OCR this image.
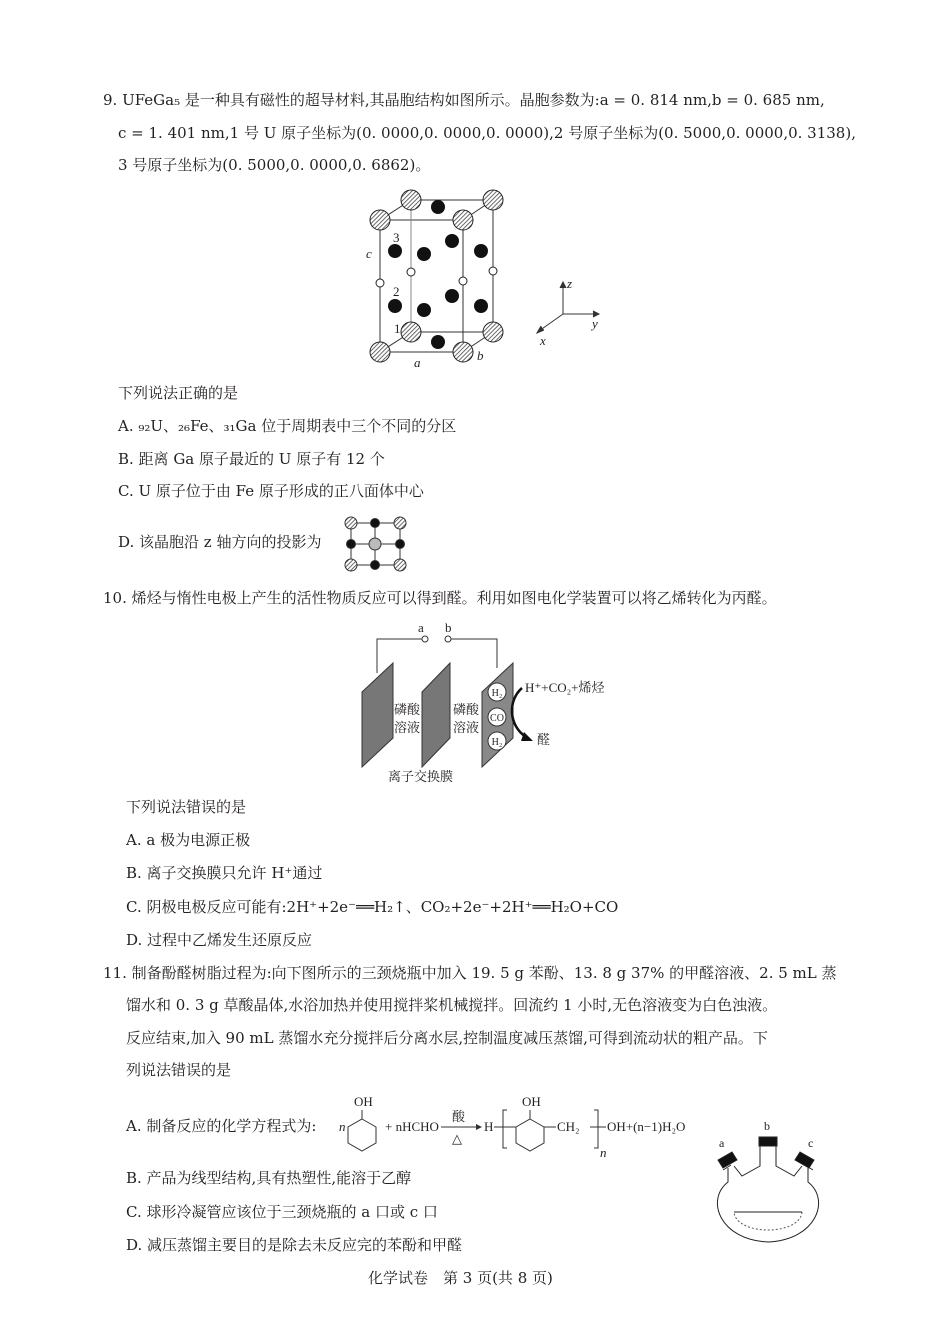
c
a	b
1
2
3
x
y
z
a b
磷酸
溶液
磷酸
溶液
离子交换膜
H⁺+CO₂+烯烃
醛
H₂
CO
H₂
n
OH
+ nHCHO
酸
△
H
OH
CH₂
n
OH+(n−1)H₂O
a
b
c
9. UFeGa₅ 是一种具有磁性的超导材料,其晶胞结构如图所示。晶胞参数为:a = 0. 814 nm,b = 0. 685 nm,
c = 1. 401 nm,1 号 U 原子坐标为(0. 0000,0. 0000,0. 0000),2 号原子坐标为(0. 5000,0. 0000,0. 3138),
3 号原子坐标为(0. 5000,0. 0000,0. 6862)。
下列说法正确的是
A. ₉₂U、₂₆Fe、₃₁Ga 位于周期表中三个不同的分区
B. 距离 Ga 原子最近的 U 原子有 12 个
C. U 原子位于由 Fe 原子形成的正八面体中心
D. 该晶胞沿 z 轴方向的投影为
10. 烯烃与惰性电极上产生的活性物质反应可以得到醛。利用如图电化学装置可以将乙烯转化为丙醛。
下列说法错误的是
A. a 极为电源正极
B. 离子交换膜只允许 H⁺通过
C. 阴极电极反应可能有:2H⁺+2e⁻══H₂↑、CO₂+2e⁻+2H⁺══H₂O+CO
D. 过程中乙烯发生还原反应
11. 制备酚醛树脂过程为:向下图所示的三颈烧瓶中加入 19. 5 g 苯酚、13. 8 g 37% 的甲醛溶液、2. 5 mL 蒸
馏水和 0. 3 g 草酸晶体,水浴加热并使用搅拌桨机械搅拌。回流约 1 小时,无色溶液变为白色浊液。
反应结束,加入 90 mL 蒸馏水充分搅拌后分离水层,控制温度减压蒸馏,可得到流动状的粗产品。下
列说法错误的是
A. 制备反应的化学方程式为:
B. 产品为线型结构,具有热塑性,能溶于乙醇
C. 球形冷凝管应该位于三颈烧瓶的 a 口或 c 口
D. 减压蒸馏主要目的是除去未反应完的苯酚和甲醛
化学试卷　第 3 页(共 8 页)
